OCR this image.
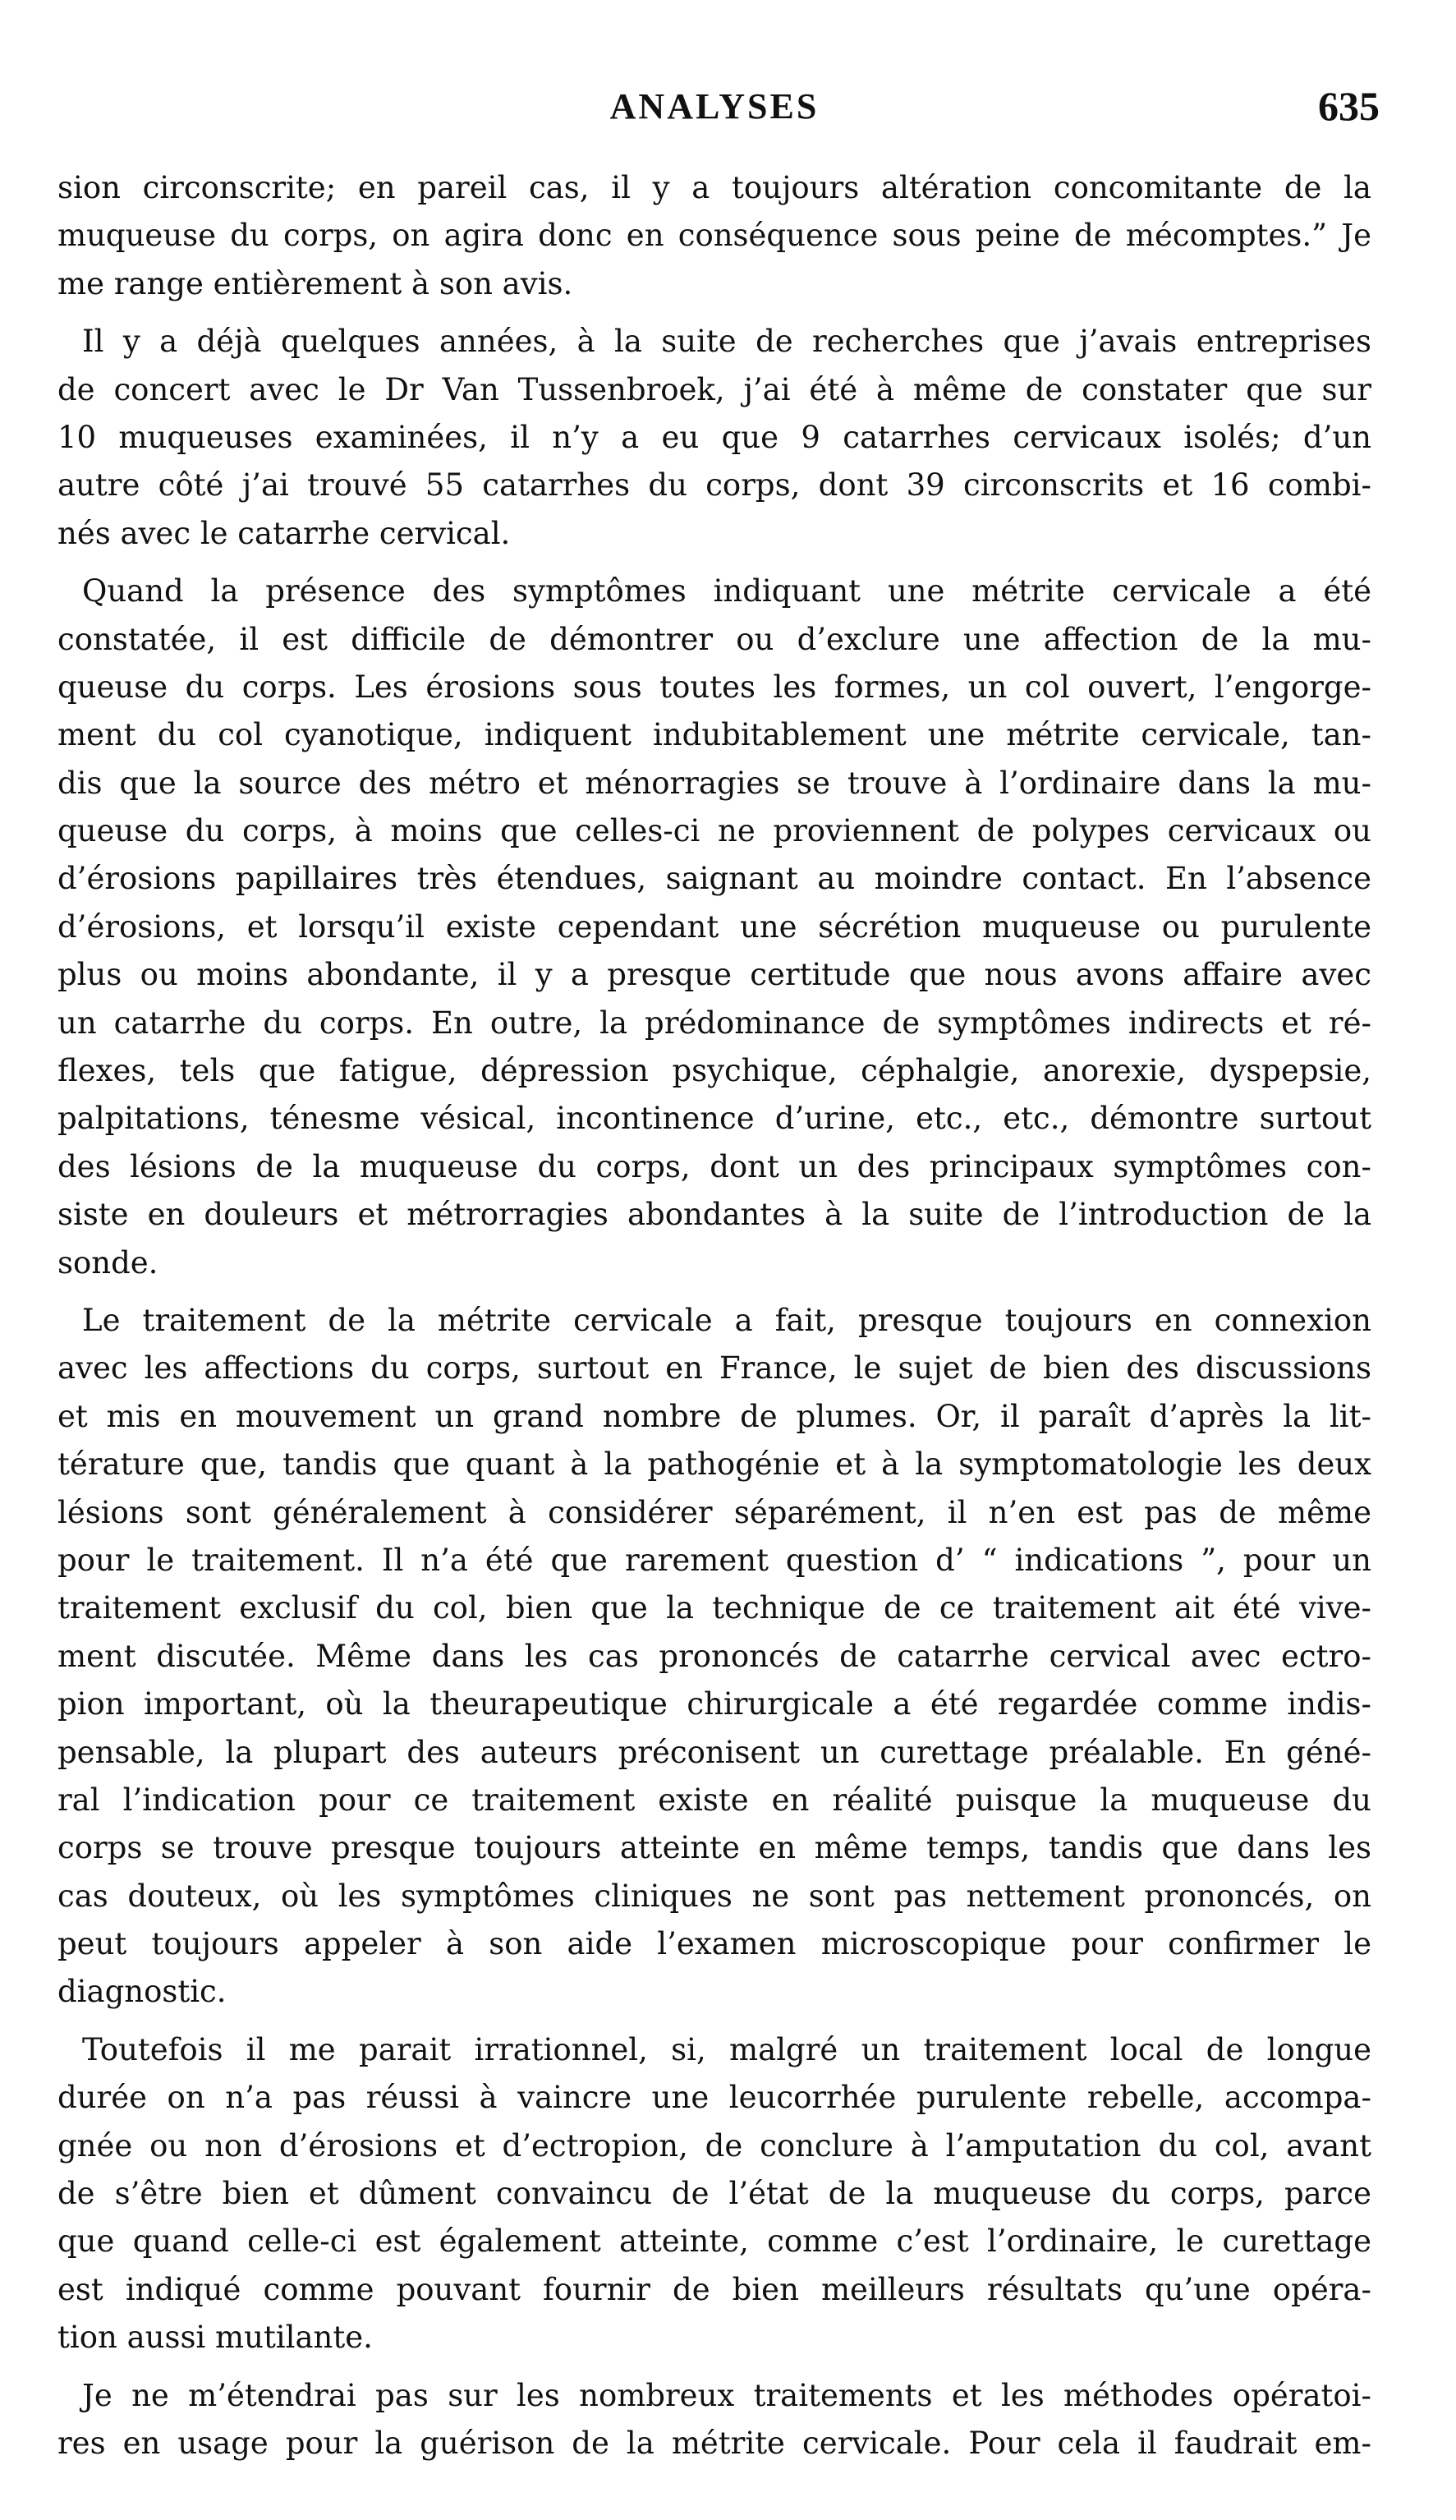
ANALYSES	635
sion circonscrite; en pareil cas, il y a toujours altération concomitante de la
muqueuse du corps, on agira donc en conséquence sous peine de mécomptes.” Je
me range entièrement à son avis.
Il y a déjà quelques années, à la suite de recherches que j’avais entreprises
de concert avec le Dr Van Tussenbroek, j’ai été à même de constater que sur
10 muqueuses examinées, il n’y a eu que 9 catarrhes cervicaux isolés; d’un
autre côté j’ai trouvé 55 catarrhes du corps, dont 39 circonscrits et 16 combi-
nés avec le catarrhe cervical.
Quand la présence des symptômes indiquant une métrite cervicale a été
constatée, il est difficile de démontrer ou d’exclure une affection de la mu-
queuse du corps. Les érosions sous toutes les formes, un col ouvert, l’engorge-
ment du col cyanotique, indiquent indubitablement une métrite cervicale, tan-
dis que la source des métro et ménorragies se trouve à l’ordinaire dans la mu-
queuse du corps, à moins que celles-ci ne proviennent de polypes cervicaux ou
d’érosions papillaires très étendues, saignant au moindre contact. En l’absence
d’érosions, et lorsqu’il existe cependant une sécrétion muqueuse ou purulente
plus ou moins abondante, il y a presque certitude que nous avons affaire avec
un catarrhe du corps. En outre, la prédominance de symptômes indirects et ré-
flexes, tels que fatigue, dépression psychique, céphalgie, anorexie, dyspepsie,
palpitations, ténesme vésical, incontinence d’urine, etc., etc., démontre surtout
des lésions de la muqueuse du corps, dont un des principaux symptômes con-
siste en douleurs et métrorragies abondantes à la suite de l’introduction de la
sonde.
Le traitement de la métrite cervicale a fait, presque toujours en connexion
avec les affections du corps, surtout en France, le sujet de bien des discussions
et mis en mouvement un grand nombre de plumes. Or, il paraît d’après la lit-
térature que, tandis que quant à la pathogénie et à la symptomatologie les deux
lésions sont généralement à considérer séparément, il n’en est pas de même
pour le traitement. Il n’a été que rarement question d’ “ indications ”, pour un
traitement exclusif du col, bien que la technique de ce traitement ait été vive-
ment discutée. Même dans les cas prononcés de catarrhe cervical avec ectro-
pion important, où la theurapeutique chirurgicale a été regardée comme indis-
pensable, la plupart des auteurs préconisent un curettage préalable. En géné-
ral l’indication pour ce traitement existe en réalité puisque la muqueuse du
corps se trouve presque toujours atteinte en même temps, tandis que dans les
cas douteux, où les symptômes cliniques ne sont pas nettement prononcés, on
peut toujours appeler à son aide l’examen microscopique pour confirmer le
diagnostic.
Toutefois il me parait irrationnel, si, malgré un traitement local de longue
durée on n’a pas réussi à vaincre une leucorrhée purulente rebelle, accompa-
gnée ou non d’érosions et d’ectropion, de conclure à l’amputation du col, avant
de s’être bien et dûment convaincu de l’état de la muqueuse du corps, parce
que quand celle-ci est également atteinte, comme c’est l’ordinaire, le curettage
est indiqué comme pouvant fournir de bien meilleurs résultats qu’une opéra-
tion aussi mutilante.
Je ne m’étendrai pas sur les nombreux traitements et les méthodes opératoi-
res en usage pour la guérison de la métrite cervicale. Pour cela il faudrait em-
